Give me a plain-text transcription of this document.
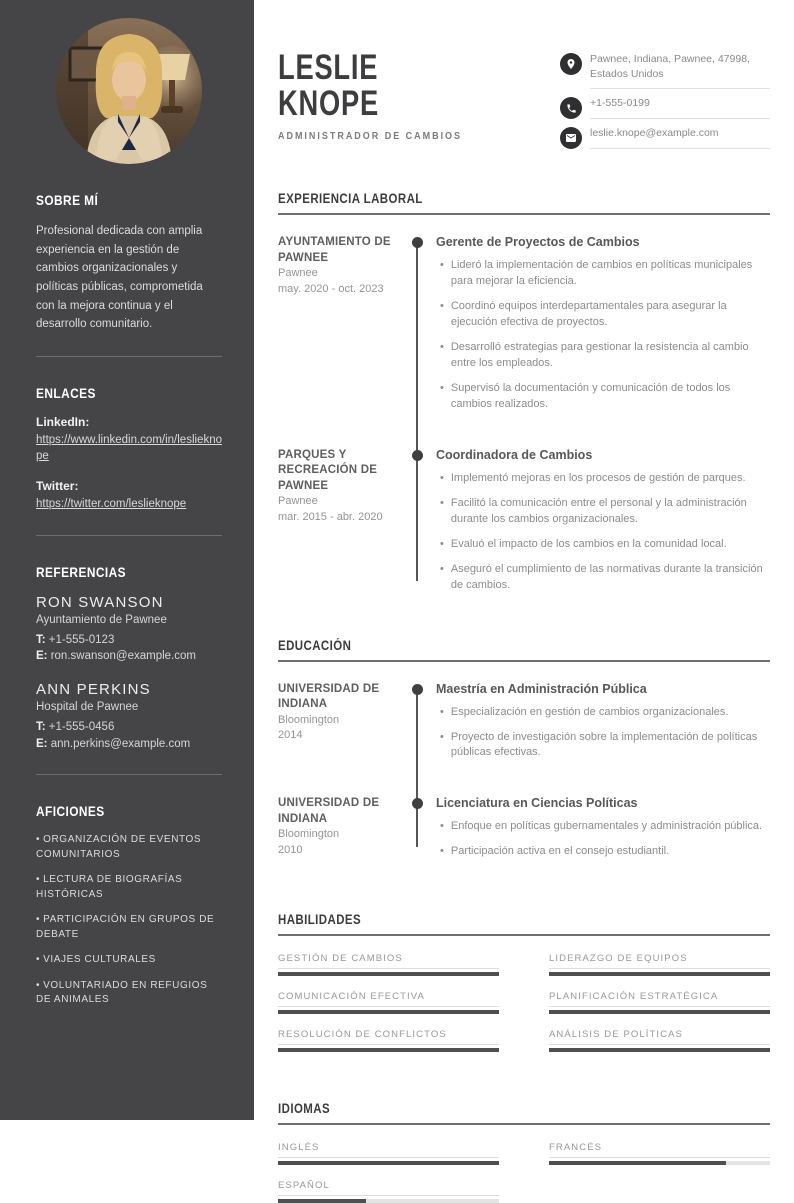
SOBRE MÍ

Profesional dedicada con amplia experiencia en la gestión de cambios organizacionales y políticas públicas, comprometida con la mejora continua y el desarrollo comunitario.

ENLACES
LinkedIn:
https://www.linkedin.com/in/leslieknope
Twitter:
https://twitter.com/leslieknope
REFERENCIAS
RON SWANSON
Ayuntamiento de Pawnee
T: +1-555-0123
E: ron.swanson@example.com
ANN PERKINS
Hospital de Pawnee
T: +1-555-0456
E: ann.perkins@example.com
AFICIONES
• ORGANIZACIÓN DE EVENTOS COMUNITARIOS
• LECTURA DE BIOGRAFÍAS HISTÓRICAS
• PARTICIPACIÓN EN GRUPOS DE DEBATE
• VIAJES CULTURALES
• VOLUNTARIADO EN REFUGIOS DE ANIMALES
LESLIE
KNOPE
ADMINISTRADOR DE CAMBIOS
Pawnee, Indiana, Pawnee, 47998, Estados Unidos
+1-555-0199
leslie.knope@example.com
EXPERIENCIA LABORAL
AYUNTAMIENTO DE PAWNEE
Pawnee
may. 2020 - oct. 2023
Gerente de Proyectos de Cambios
• Lideró la implementación de cambios en políticas municipales para mejorar la eficiencia.
• Coordinó equipos interdepartamentales para asegurar la ejecución efectiva de proyectos.
• Desarrolló estrategias para gestionar la resistencia al cambio entre los empleados.
• Supervisó la documentación y comunicación de todos los cambios realizados.
PARQUES Y RECREACIÓN DE PAWNEE
Pawnee
mar. 2015 - abr. 2020
Coordinadora de Cambios
• Implementó mejoras en los procesos de gestión de parques.
• Facilitó la comunicación entre el personal y la administración durante los cambios organizacionales.
• Evaluó el impacto de los cambios en la comunidad local.
• Aseguró el cumplimiento de las normativas durante la transición de cambios.
EDUCACIÓN
UNIVERSIDAD DE INDIANA
Bloomington
2014
Maestría en Administración Pública
• Especialización en gestión de cambios organizacionales.
• Proyecto de investigación sobre la implementación de políticas públicas efectivas.
UNIVERSIDAD DE INDIANA
Bloomington
2010
Licenciatura en Ciencias Políticas
• Enfoque en políticas gubernamentales y administración pública.
• Participación activa en el consejo estudiantil.
HABILIDADES
GESTIÓN DE CAMBIOS	LIDERAZGO DE EQUIPOS
COMUNICACIÓN EFECTIVA	PLANIFICACIÓN ESTRATÉGICA
RESOLUCIÓN DE CONFLICTOS	ANÁLISIS DE POLÍTICAS
IDIOMAS
INGLÉS	FRANCÉS
ESPAÑOL
